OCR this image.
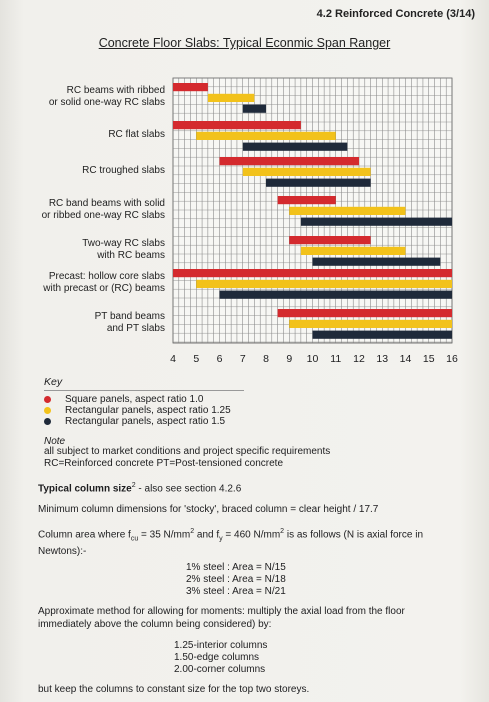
4.2 Reinforced Concrete (3/14)
Concrete Floor Slabs: Typical Econmic Span Ranger
4 5 6 7 8 9 10 11 12 13 14 15 16
RC beams with ribbed
or solid one-way RC slabs
RC flat slabs
RC troughed slabs
RC band beams with solid
or ribbed one-way RC slabs
Two-way RC slabs
with RC beams
Precast: hollow core slabs
with precast or (RC) beams
PT band beams
and PT slabs
Key
Square panels, aspect ratio 1.0
Rectangular panels, aspect ratio 1.25
Rectangular panels, aspect ratio 1.5
Note
all subject to market conditions and project specific requirements
RC=Reinforced concrete PT=Post-tensioned concrete
Typical column size$^2$ - also see section 4.2.6
Minimum column dimensions for 'stocky', braced column = clear height / 17.7
Column area where $f_{cu} = 35$ $N/mm^2$ and $f_y = 460$ $N/mm^2$ is as follows (N is axial force in
Newtons):-
1% steel : Area = N/15
2% steel : Area = N/18
3% steel : Area = N/21
Approximate method for allowing for moments: multiply the axial load from the floor
immediately above the column being considered) by:
1.25-interior columns
1.50-edge columns
2.00-corner columns
but keep the columns to constant size for the top two storeys.
